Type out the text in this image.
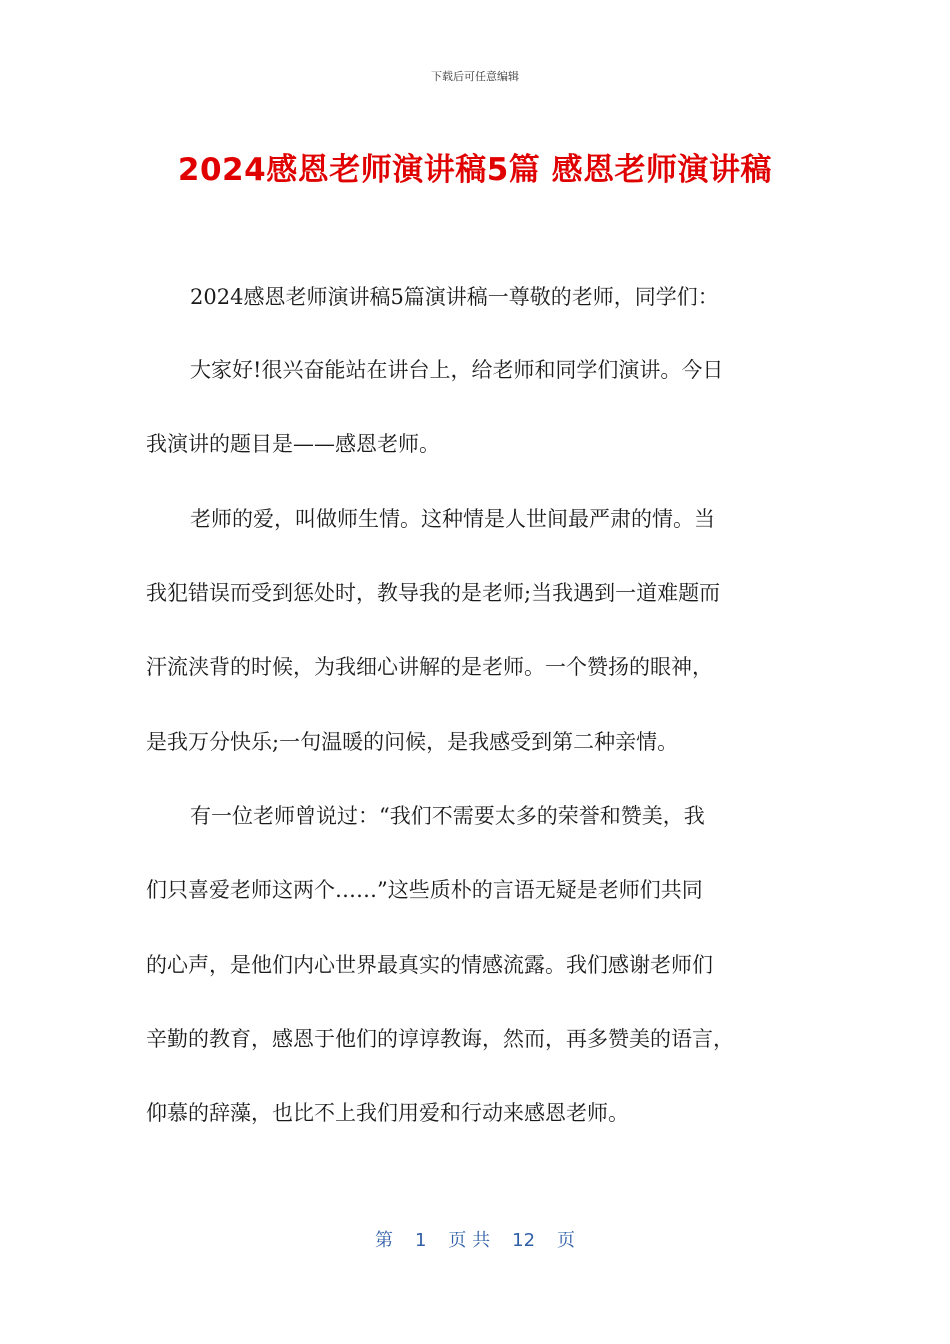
下载后可任意编辑
2024感恩老师演讲稿5篇 感恩老师演讲稿
2024感恩老师演讲稿5篇演讲稿一尊敬的老师，同学们：
大家好!很兴奋能站在讲台上，给老师和同学们演讲。今日
我演讲的题目是——感恩老师。
老师的爱，叫做师生情。这种情是人世间最严肃的情。当
我犯错误而受到惩处时，教导我的是老师;当我遇到一道难题而
汗流浃背的时候，为我细心讲解的是老师。一个赞扬的眼神，
是我万分快乐;一句温暖的问候，是我感受到第二种亲情。
有一位老师曾说过：“我们不需要太多的荣誉和赞美，我
们只喜爱老师这两个……”这些质朴的言语无疑是老师们共同
的心声，是他们内心世界最真实的情感流露。我们感谢老师们
辛勤的教育，感恩于他们的谆谆教诲，然而，再多赞美的语言，
仰慕的辞藻，也比不上我们用爱和行动来感恩老师。
第 1 页 共 12 页
